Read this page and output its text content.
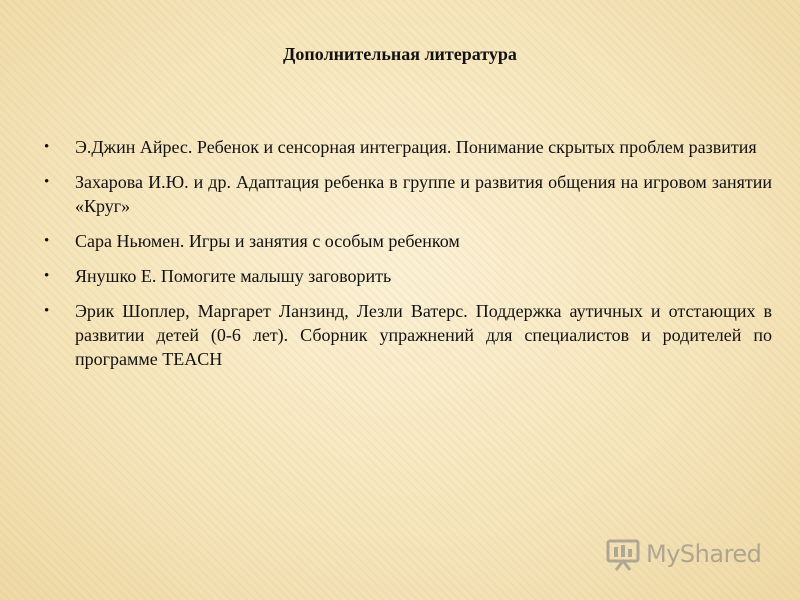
Дополнительная литература
• Э.Джин Айрес. Ребенок и сенсорная интеграция. Понимание скрытых проблем развития
• Захарова И.Ю. и др. Адаптация ребенка в группе и развития общения на игровом занятии «Круг»
• Сара Ньюмен. Игры и занятия с особым ребенком
• Янушко Е. Помогите малышу заговорить
• Эрик Шоплер, Маргарет Ланзинд, Лезли Ватерс. Поддержка аутичных и отстающих в развитии детей (0-6 лет). Сборник упражнений для специалистов и родителей по программе TEACH
MyShared
